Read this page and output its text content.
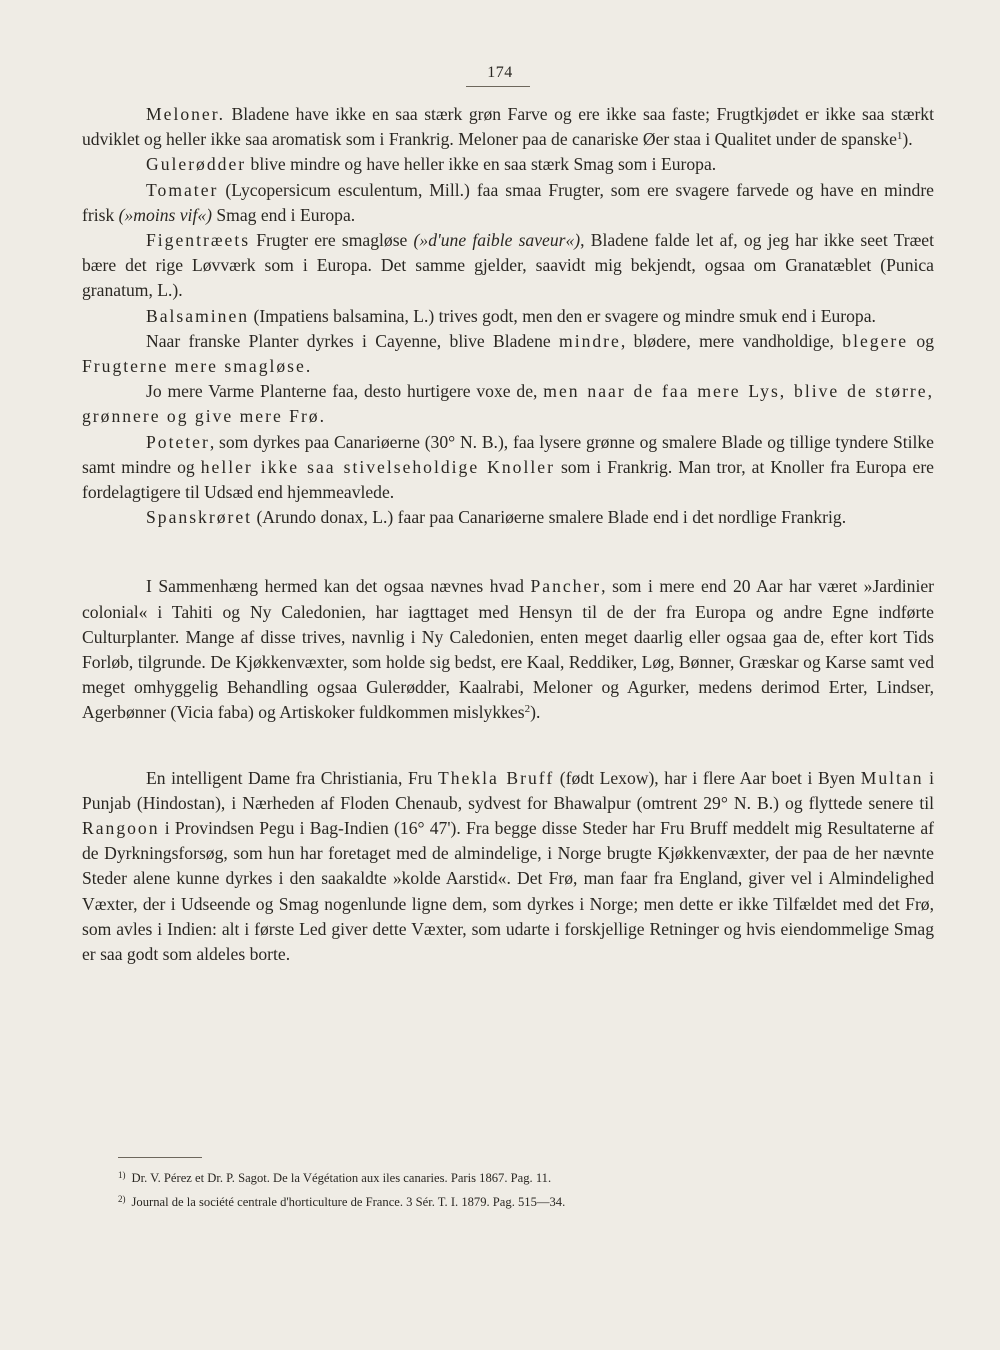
174

Meloner. Bladene have ikke en saa stærk grøn Farve og ere ikke saa faste; Frugtkjødet er ikke saa stærkt udviklet og heller ikke saa aromatisk som i Frankrig. Meloner paa de canariske Øer staa i Qualitet under de spanske$^1$).

Gulerødder blive mindre og have heller ikke en saa stærk Smag som i Europa.

Tomater (Lycopersicum esculentum, Mill.) faa smaa Frugter, som ere svagere farvede og have en mindre frisk (»moins vif«) Smag end i Europa.

Figentræets Frugter ere smagløse (»d'une faible saveur«), Bladene falde let af, og jeg har ikke seet Træet bære det rige Løvværk som i Europa. Det samme gjelder, saavidt mig bekjendt, ogsaa om Granatæblet (Punica granatum, L.).

Balsaminen (Impatiens balsamina, L.) trives godt, men den er svagere og mindre smuk end i Europa.

Naar franske Planter dyrkes i Cayenne, blive Bladene mindre, blødere, mere vandholdige, blegere og Frugterne mere smagløse.

Jo mere Varme Planterne faa, desto hurtigere voxe de, men naar de faa mere Lys, blive de større, grønnere og give mere Frø.

Poteter, som dyrkes paa Canariøerne (30° N. B.), faa lysere grønne og smalere Blade og tillige tyndere Stilke samt mindre og heller ikke saa stivelseholdige Knoller som i Frankrig. Man tror, at Knoller fra Europa ere fordelagtigere til Udsæd end hjemmeavlede.

Spanskrøret (Arundo donax, L.) faar paa Canariøerne smalere Blade end i det nordlige Frankrig.

I Sammenhæng hermed kan det ogsaa nævnes hvad Pancher, som i mere end 20 Aar har været »Jardinier colonial« i Tahiti og Ny Caledonien, har iagttaget med Hensyn til de der fra Europa og andre Egne indførte Culturplanter. Mange af disse trives, navnlig i Ny Caledonien, enten meget daarlig eller ogsaa gaa de, efter kort Tids Forløb, tilgrunde. De Kjøkkenvæxter, som holde sig bedst, ere Kaal, Reddiker, Løg, Bønner, Græskar og Karse samt ved meget omhyggelig Behandling ogsaa Gulerødder, Kaalrabi, Meloner og Agurker, medens derimod Erter, Lindser, Agerbønner (Vicia faba) og Artiskoker fuldkommen mislykkes$^2$).

En intelligent Dame fra Christiania, Fru Thekla Bruff (født Lexow), har i flere Aar boet i Byen Multan i Punjab (Hindostan), i Nærheden af Floden Chenaub, sydvest for Bhawalpur (omtrent 29° N. B.) og flyttede senere til Rangoon i Provindsen Pegu i Bag-Indien (16° 47'). Fra begge disse Steder har Fru Bruff meddelt mig Resultaterne af de Dyrkningsforsøg, som hun har foretaget med de almindelige, i Norge brugte Kjøkkenvæxter, der paa de her nævnte Steder alene kunne dyrkes i den saakaldte »kolde Aarstid«. Det Frø, man faar fra England, giver vel i Almindelighed Væxter, der i Udseende og Smag nogenlunde ligne dem, som dyrkes i Norge; men dette er ikke Tilfældet med det Frø, som avles i Indien: alt i første Led giver dette Væxter, som udarte i forskjellige Retninger og hvis eiendommelige Smag er saa godt som aldeles borte.

$^{1)}$ Dr. V. Pérez et Dr. P. Sagot. De la Végétation aux iles canaries. Paris 1867. Pag. 11.

$^{2)}$ Journal de la société centrale d'horticulture de France. 3 Sér. T. I. 1879. Pag. 515—34.
